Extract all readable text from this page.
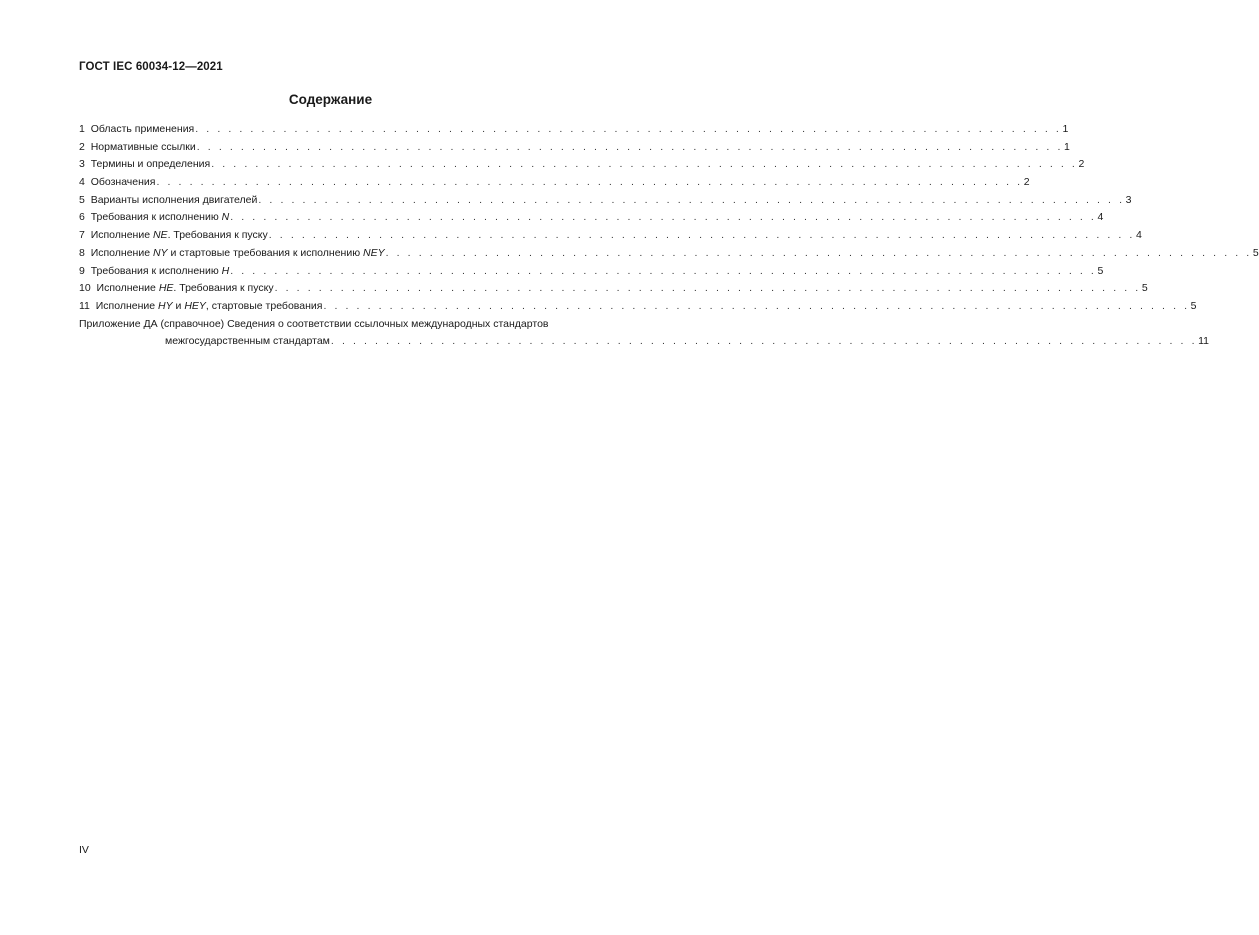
ГОСТ IEC 60034-12—2021
Содержание
1 Область применения . . . . . . . . . . . . . . . . . . . . . . . . . . . . . . . . . . . . . . . . . . . . . . . . . . . . . . . . . . . . . . . . . . . . . . . . . . . . . . . 1
2 Нормативные ссылки . . . . . . . . . . . . . . . . . . . . . . . . . . . . . . . . . . . . . . . . . . . . . . . . . . . . . . . . . . . . . . . . . . . . . . . . . . . . . . . 1
3 Термины и определения . . . . . . . . . . . . . . . . . . . . . . . . . . . . . . . . . . . . . . . . . . . . . . . . . . . . . . . . . . . . . . . . . . . . . . . . . . . . . . . 2
4 Обозначения . . . . . . . . . . . . . . . . . . . . . . . . . . . . . . . . . . . . . . . . . . . . . . . . . . . . . . . . . . . . . . . . . . . . . . . . . . . . . . . 2
5 Варианты исполнения двигателей . . . . . . . . . . . . . . . . . . . . . . . . . . . . . . . . . . . . . . . . . . . . . . . . . . . . . . . . . . . . . . . . . . . . . . . . . . . . . . . 3
6 Требования к исполнению N . . . . . . . . . . . . . . . . . . . . . . . . . . . . . . . . . . . . . . . . . . . . . . . . . . . . . . . . . . . . . . . . . . . . . . . . . . . . . . . 4
7 Исполнение NE. Требования к пуску . . . . . . . . . . . . . . . . . . . . . . . . . . . . . . . . . . . . . . . . . . . . . . . . . . . . . . . . . . . . . . . . . . . . . . . . . . . . . . . 4
8 Исполнение NY и стартовые требования к исполнению NEY . . . . . . . . . . . . . . . . . . . . . . . . . . . . . . . . . . . . . . . . . . . . . . . . . . . . . . . . . . . . . . . . . . . . . . . . . . . . . . . 5
9 Требования к исполнению H . . . . . . . . . . . . . . . . . . . . . . . . . . . . . . . . . . . . . . . . . . . . . . . . . . . . . . . . . . . . . . . . . . . . . . . . . . . . . . . 5
10 Исполнение HE. Требования к пуску . . . . . . . . . . . . . . . . . . . . . . . . . . . . . . . . . . . . . . . . . . . . . . . . . . . . . . . . . . . . . . . . . . . . . . . . . . . . . . . 5
11 Исполнение HY и HEY, стартовые требования . . . . . . . . . . . . . . . . . . . . . . . . . . . . . . . . . . . . . . . . . . . . . . . . . . . . . . . . . . . . . . . . . . . . . . . . . . . . . . . 5
Приложение ДА (справочное) Сведения о соответствии ссылочных международных стандартов
межгосударственным стандартам . . . . . . . . . . . . . . . . . . . . . . . . . . . . . . . . . . . . . . . . . . . . . . . . . . . . . . . . . . . . . . . . . . . . . . . . . . . . . . . 11
IV
